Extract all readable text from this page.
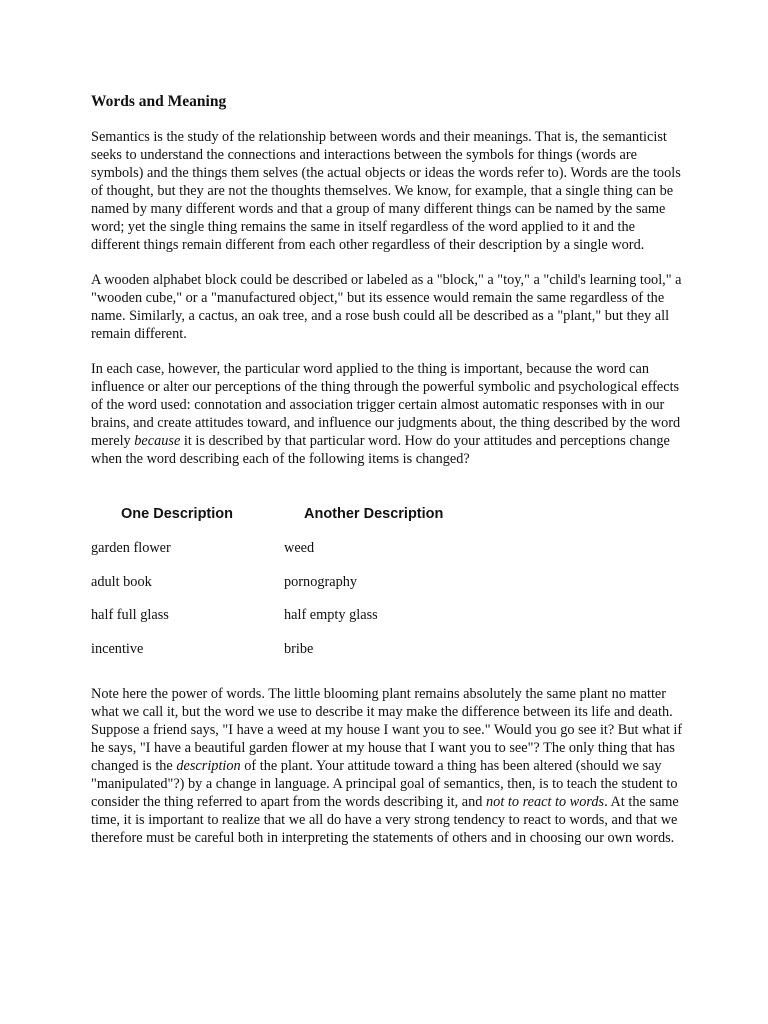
Words and Meaning

Semantics is the study of the relationship between words and their meanings. That is, the semanticist seeks to understand the connections and interactions between the symbols for things (words are symbols) and the things them selves (the actual objects or ideas the words refer to). Words are the tools of thought, but they are not the thoughts themselves. We know, for example, that a single thing can be named by many different words and that a group of many different things can be named by the same word; yet the single thing remains the same in itself regardless of the word applied to it and the different things remain different from each other regardless of their description by a single word.

A wooden alphabet block could be described or labeled as a "block," a "toy," a "child's learning tool," a "wooden cube," or a "manufactured object," but its essence would remain the same regardless of the name. Similarly, a cactus, an oak tree, and a rose bush could all be described as a "plant," but they all remain different.

In each case, however, the particular word applied to the thing is important, because the word can influence or alter our perceptions of the thing through the powerful symbolic and psychological effects of the word used: connotation and association trigger certain almost automatic responses with in our brains, and create attitudes toward, and influence our judgments about, the thing described by the word merely because it is described by that particular word. How do your attitudes and perceptions change when the word describing each of the following items is changed?

One Description	Another Description
garden flower	weed
adult book	pornography
half full glass	half empty glass
incentive	bribe

Note here the power of words. The little blooming plant remains absolutely the same plant no matter what we call it, but the word we use to describe it may make the difference between its life and death. Suppose a friend says, "I have a weed at my house I want you to see." Would you go see it? But what if he says, "I have a beautiful garden flower at my house that I want you to see"? The only thing that has changed is the description of the plant. Your attitude toward a thing has been altered (should we say "manipulated"?) by a change in language. A principal goal of semantics, then, is to teach the student to consider the thing referred to apart from the words describing it, and not to react to words. At the same time, it is important to realize that we all do have a very strong tendency to react to words, and that we therefore must be careful both in interpreting the statements of others and in choosing our own words.
